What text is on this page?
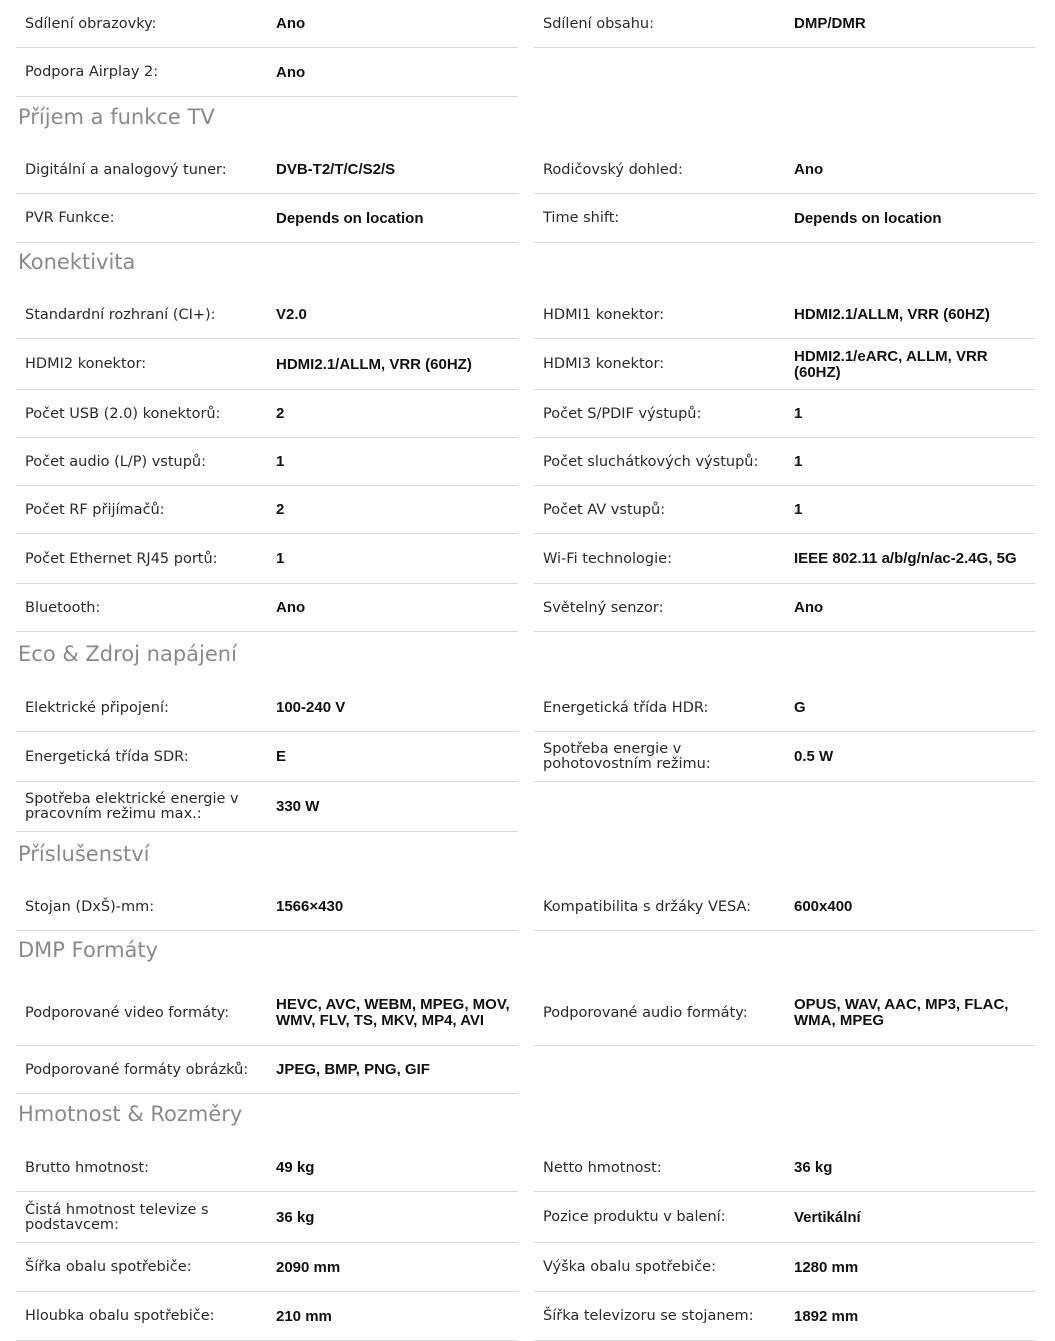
Sdílení obrazovky:	Ano	Sdílení obsahu:	DMP/DMR
Podpora Airplay 2:	Ano
Příjem a funkce TV
Digitální a analogový tuner:	DVB-T2/T/C/S2/S	Rodičovský dohled:	Ano
PVR Funkce:	Depends on location	Time shift:	Depends on location
Konektivita
Standardní rozhraní (CI+):	V2.0	HDMI1 konektor:	HDMI2.1/ALLM, VRR (60HZ)
HDMI2 konektor:	HDMI2.1/ALLM, VRR (60HZ)	HDMI3 konektor:	HDMI2.1/eARC, ALLM, VRR (60HZ)
Počet USB (2.0) konektorů:	2	Počet S/PDIF výstupů:	1
Počet audio (L/P) vstupů:	1	Počet sluchátkových výstupů: 1
Počet RF přijímačů:	2	Počet AV vstupů:	1
Počet Ethernet RJ45 portů:	1	Wi-Fi technologie:	IEEE 802.11 a/b/g/n/ac-2.4G, 5G
Bluetooth:	Ano	Světelný senzor:	Ano
Eco & Zdroj napájení
Elektrické připojení:	100-240 V	Energetická třída HDR:	G
Energetická třída SDR:	E	Spotřeba energie v pohotovostním režimu:	0.5 W
Spotřeba elektrické energie v pracovním režimu max.:	330 W
Příslušenství
Stojan (DxŠ)-mm:	1566×430	Kompatibilita s držáky VESA:	600x400
DMP Formáty
Podporované video formáty:	HEVC, AVC, WEBM, MPEG, MOV, WMV, FLV, TS, MKV, MP4, AVI	Podporované audio formáty:	OPUS, WAV, AAC, MP3, FLAC, WMA, MPEG
Podporované formáty obrázků: JPEG, BMP, PNG, GIF
Hmotnost & Rozměry
Brutto hmotnost:	49 kg	Netto hmotnost:	36 kg
Čistá hmotnost televize s podstavcem:	36 kg	Pozice produktu v balení:	Vertikální
Šířka obalu spotřebiče:	2090 mm	Výška obalu spotřebiče:	1280 mm
Hloubka obalu spotřebiče:	210 mm	Šířka televizoru se stojanem:	1892 mm
